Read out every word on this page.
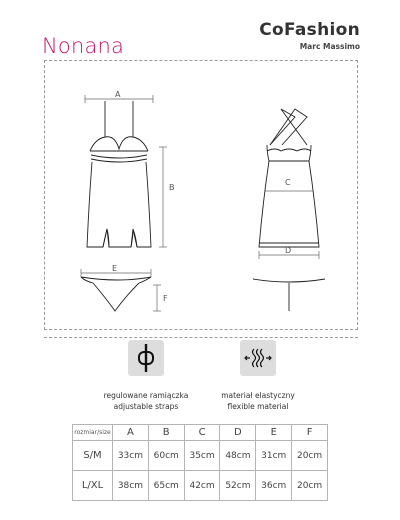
Nonana
CoFashion
Marc Massimo
A
B
C
D
E
F
regulowane ramiączka
adjustable straps
materiał elastyczny
flexible material
rozmiar/size	A	B	C	D	E	F
S/M	33cm	60cm	35cm	48cm	31cm	20cm
L/XL	38cm	65cm	42cm	52cm	36cm	20cm
